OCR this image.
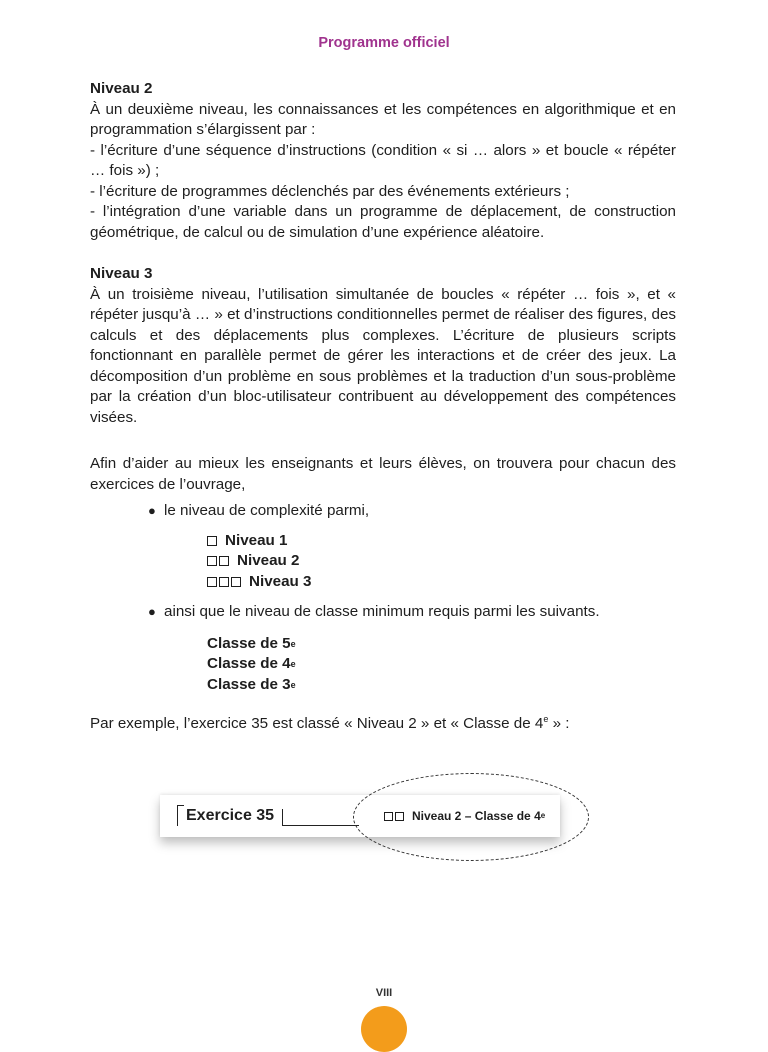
Programme officiel
Niveau 2

À un deuxième niveau, les connaissances et les compétences en algorithmique et en programmation s’élargissent par :

- l’écriture d’une séquence d’instructions (condition « si … alors » et boucle « répéter … fois ») ;

- l’écriture de programmes déclenchés par des événements extérieurs ;

- l’intégration d’une variable dans un programme de déplacement, de construction géométrique, de calcul ou de simulation d’une expérience aléatoire.

Niveau 3

À un troisième niveau, l’utilisation simultanée de boucles « répéter … fois », et « répéter jusqu’à … » et d’instructions conditionnelles permet de réaliser des figures, des calculs et des déplacements plus complexes. L’écriture de plusieurs scripts fonctionnant en parallèle permet de gérer les interactions et de créer des jeux. La décomposition d’un problème en sous problèmes et la traduction d’un sous-problème par la création d’un bloc-utilisateur contribuent au développement des compétences visées.

Afin d’aider au mieux les enseignants et leurs élèves, on trouvera pour chacun des exercices de l’ouvrage,

● le niveau de complexité parmi,
Niveau 1
Niveau 2
Niveau 3
● ainsi que le niveau de classe minimum requis parmi les suivants.
Classe de 5 e
Classe de 4 e
Classe de 3 e

Par exemple, l’exercice 35 est classé « Niveau 2 » et « Classe de 4e » :

Exercice 35	Niveau 2 – Classe de 4 e
VIII
